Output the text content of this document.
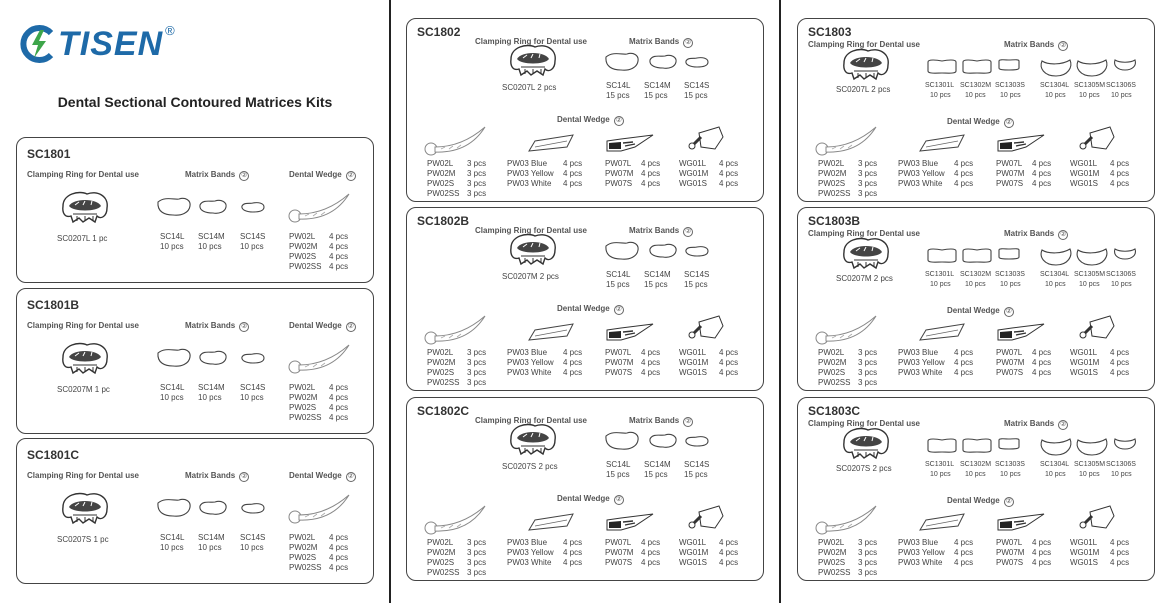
TISEN ®
Dental Sectional Contoured Matrices Kits
SC1801
Clamping Ring for Dental use	Matrix Bands ②	Dental Wedge ②
SC0207L 1 pc	SC14L
10 pcs
SC14M
10 pcs
SC14S
10 pcs
PW02L 4 pcs
PW02M 4 pcs
PW02S 4 pcs
PW02SS 4 pcs
SC1801B
Clamping Ring for Dental use	Matrix Bands ②	Dental Wedge ②
SC0207M 1 pc	SC14L
10 pcs
SC14M
10 pcs
SC14S
10 pcs
PW02L 4 pcs
PW02M 4 pcs
PW02S 4 pcs
PW02SS 4 pcs
SC1801C
Clamping Ring for Dental use	Matrix Bands ②	Dental Wedge ②
SC0207S 1 pc	SC14L
10 pcs
SC14M
10 pcs
SC14S
10 pcs
PW02L 4 pcs
PW02M 4 pcs
PW02S 4 pcs
PW02SS 4 pcs
SC1802
Clamping Ring for Dental use	Matrix Bands ②
Dental Wedge ②
SC0207L 2 pcs	SC14L
15 pcs
SC14M
15 pcs
SC14S
15 pcs
PW02L 3 pcs
PW02M 3 pcs
PW02S 3 pcs
PW02SS 3 pcs
PW03 Blue 4 pcs
PW03 Yellow 4 pcs
PW03 White 4 pcs
PW07L 4 pcs
PW07M 4 pcs
PW07S 4 pcs
WG01L 4 pcs
WG01M 4 pcs
WG01S 4 pcs
SC1802B
Clamping Ring for Dental use	Matrix Bands ②
Dental Wedge ②
SC0207M 2 pcs	SC14L
15 pcs
SC14M
15 pcs
SC14S
15 pcs
PW02L 3 pcs
PW02M 3 pcs
PW02S 3 pcs
PW02SS 3 pcs
PW03 Blue 4 pcs
PW03 Yellow 4 pcs
PW03 White 4 pcs
PW07L 4 pcs
PW07M 4 pcs
PW07S 4 pcs
WG01L 4 pcs
WG01M 4 pcs
WG01S 4 pcs
SC1802C
Clamping Ring for Dental use	Matrix Bands ②
Dental Wedge ②
SC0207S 2 pcs	SC14L
15 pcs
SC14M
15 pcs
SC14S
15 pcs
PW02L 3 pcs
PW02M 3 pcs
PW02S 3 pcs
PW02SS 3 pcs
PW03 Blue 4 pcs
PW03 Yellow 4 pcs
PW03 White 4 pcs
PW07L 4 pcs
PW07M 4 pcs
PW07S 4 pcs
WG01L 4 pcs
WG01M 4 pcs
WG01S 4 pcs
SC1803
Clamping Ring for Dental use	Matrix Bands ②
Dental Wedge ②
SC0207L 2 pcs	SC1301L
10 pcs
SC1302M
10 pcs
SC1303S
10 pcs
SC1304L
10 pcs
SC1305M
10 pcs
SC1306S
10 pcs
PW02L 3 pcs
PW02M 3 pcs
PW02S 3 pcs
PW02SS 3 pcs
PW03 Blue 4 pcs
PW03 Yellow 4 pcs
PW03 White 4 pcs
PW07L 4 pcs
PW07M 4 pcs
PW07S 4 pcs
WG01L 4 pcs
WG01M 4 pcs
WG01S 4 pcs
SC1803B
Clamping Ring for Dental use	Matrix Bands ②
Dental Wedge ②
SC0207M 2 pcs	SC1301L
10 pcs
SC1302M
10 pcs
SC1303S
10 pcs
SC1304L
10 pcs
SC1305M
10 pcs
SC1306S
10 pcs
PW02L 3 pcs
PW02M 3 pcs
PW02S 3 pcs
PW02SS 3 pcs
PW03 Blue 4 pcs
PW03 Yellow 4 pcs
PW03 White 4 pcs
PW07L 4 pcs
PW07M 4 pcs
PW07S 4 pcs
WG01L 4 pcs
WG01M 4 pcs
WG01S 4 pcs
SC1803C
Clamping Ring for Dental use	Matrix Bands ②
Dental Wedge ②
SC0207S 2 pcs	SC1301L
10 pcs
SC1302M
10 pcs
SC1303S
10 pcs
SC1304L
10 pcs
SC1305M
10 pcs
SC1306S
10 pcs
PW02L 3 pcs
PW02M 3 pcs
PW02S 3 pcs
PW02SS 3 pcs
PW03 Blue 4 pcs
PW03 Yellow 4 pcs
PW03 White 4 pcs
PW07L 4 pcs
PW07M 4 pcs
PW07S 4 pcs
WG01L 4 pcs
WG01M 4 pcs
WG01S 4 pcs
